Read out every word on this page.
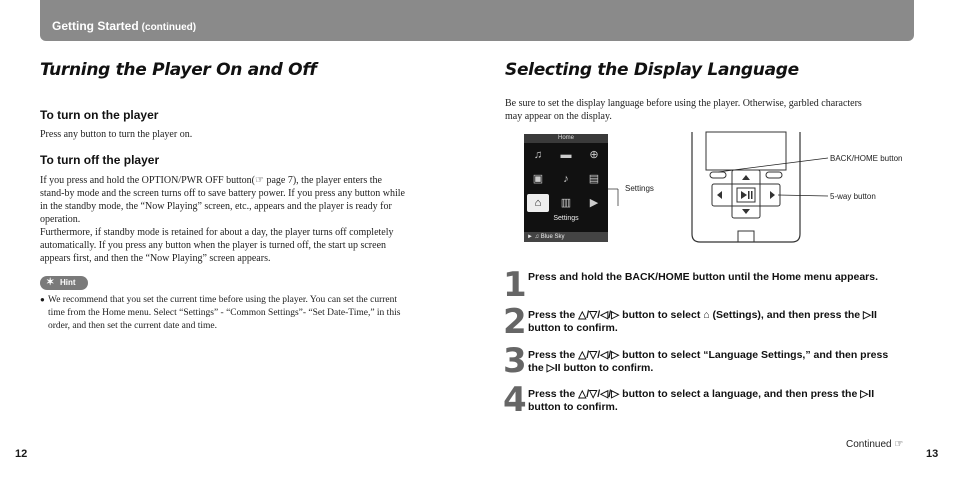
Getting Started (continued)
Turning the Player On and Off
To turn on the player
Press any button to turn the player on.
To turn off the player
If you press and hold the OPTION/PWR OFF button(☞ page 7), the player enters the
stand-by mode and the screen turns off to save battery power. If you press any button while
in the standby mode, the “Now Playing” screen, etc., appears and the player is ready for
operation.
Furthermore, if standby mode is retained for about a day, the player turns off completely
automatically. If you press any button when the player is turned off, the start up screen
appears first, and then the “Now Playing” screen appears.
✶ Hint
● We recommend that you set the current time before using the player. You can set the current
time from the Home menu. Select “Settings” - “Common Settings”- “Set Date-Time,” in this
order, and then set the current date and time.
12
Selecting the Display Language
Be sure to set the display language before using the player. Otherwise, garbled characters
may appear on the display.
Home
♫	▬	⊕
▣	♪	▤
⌂	▥	▶
Settings
► ♫ Blue Sky
Settings
BACK/HOME button
5-way button
1 Press and hold the BACK/HOME button until the Home menu appears.
2 Press the △/▽/◁/▷ button to select ⌂ (Settings), and then press the ▷II
button to confirm.
3 Press the △/▽/◁/▷ button to select “Language Settings,” and then press
the ▷II button to confirm.
4 Press the △/▽/◁/▷ button to select a language, and then press the ▷II
button to confirm.
Continued ☞
13
